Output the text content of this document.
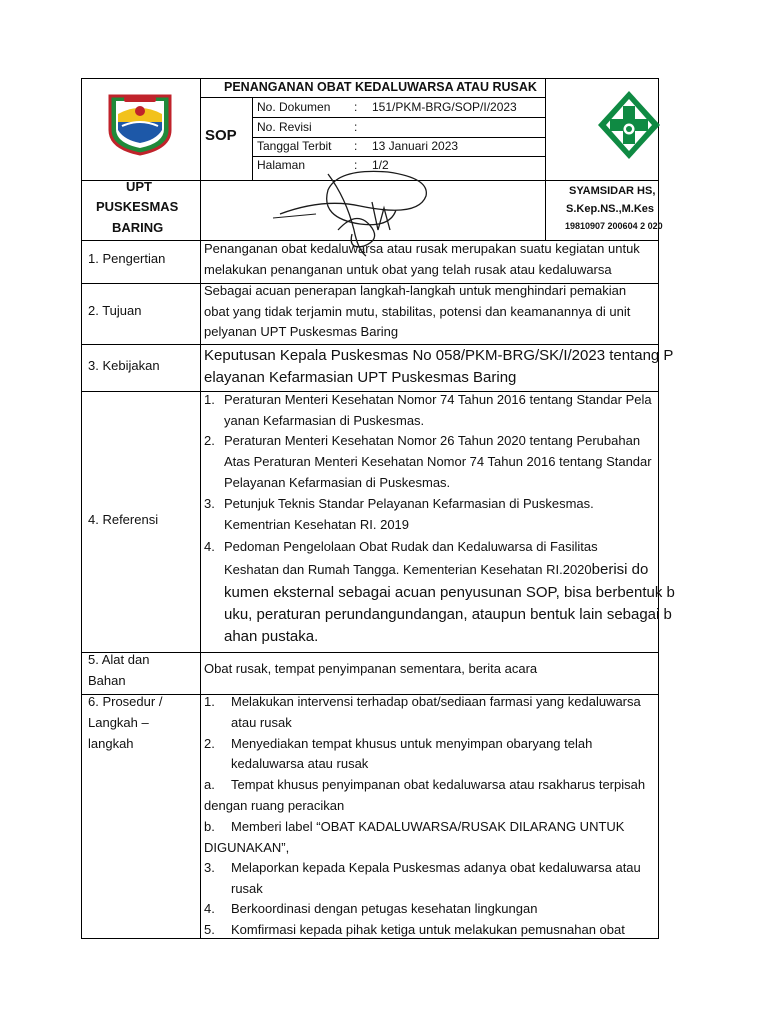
PENANGANAN OBAT KEDALUWARSA ATAU RUSAK
SOP
No. Dokumen : 151/PKM-BRG/SOP/I/2023
No. Revisi	:
Tanggal Terbit : 13 Januari 2023
Halaman	: 1/2
UPT
PUSKESMAS
BARING
SYAMSIDAR HS,
S.Kep.NS.,M.Kes
19810907 200604 2 020
1. Pengertian
Penanganan obat kedaluwarsa atau rusak merupakan suatu kegiatan untuk
melakukan penanganan untuk obat yang telah rusak atau kedaluwarsa
2. Tujuan
Sebagai acuan penerapan langkah-langkah untuk menghindari pemakian
obat yang tidak terjamin mutu, stabilitas, potensi dan keamanannya di unit
pelyanan UPT Puskesmas Baring
3. Kebijakan
Keputusan Kepala Puskesmas No 058/PKM-BRG/SK/I/2023 tentang P
elayanan Kefarmasian UPT Puskesmas Baring
4. Referensi
1. Peraturan Menteri Kesehatan Nomor 74 Tahun 2016 tentang Standar Pela
yanan Kefarmasian di Puskesmas.
2. Peraturan Menteri Kesehatan Nomor 26 Tahun 2020 tentang Perubahan
Atas Peraturan Menteri Kesehatan Nomor 74 Tahun 2016 tentang Standar
Pelayanan Kefarmasian di Puskesmas.
3. Petunjuk Teknis Standar Pelayanan Kefarmasian di Puskesmas.
Kementrian Kesehatan RI. 2019
4. Pedoman Pengelolaan Obat Rudak dan Kedaluwarsa di Fasilitas
Keshatan dan Rumah Tangga. Kementerian Kesehatan RI.2020berisi do
kumen eksternal sebagai acuan penyusunan SOP, bisa berbentuk b
uku, peraturan perundangundangan, ataupun bentuk lain sebagai b
ahan pustaka.
5. Alat dan
Bahan
Obat rusak, tempat penyimpanan sementara, berita acara
6. Prosedur /
Langkah –
langkah
1. Melakukan intervensi terhadap obat/sediaan farmasi yang kedaluwarsa
atau rusak
2. Menyediakan tempat khusus untuk menyimpan obaryang telah
kedaluwarsa atau rusak
a. Tempat khusus penyimpanan obat kedaluwarsa atau rsakharus terpisah
dengan ruang peracikan
b. Memberi label “OBAT KADALUWARSA/RUSAK DILARANG UNTUK
DIGUNAKAN”,
3. Melaporkan kepada Kepala Puskesmas adanya obat kedaluwarsa atau
rusak
4. Berkoordinasi dengan petugas kesehatan lingkungan
5. Komfirmasi kepada pihak ketiga untuk melakukan pemusnahan obat
